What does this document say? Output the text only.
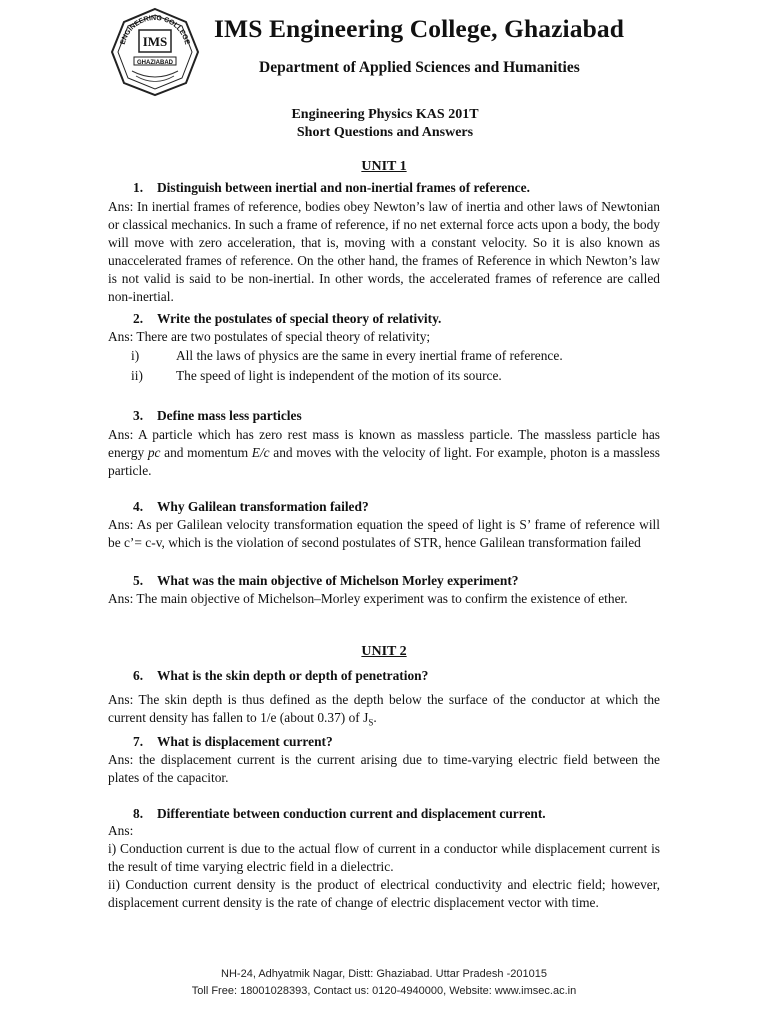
IMS
GHAZIABAD
ENGINEERING COLLEGE IMS Engineering College, Ghaziabad
Department of Applied Sciences and Humanities
Engineering Physics KAS 201T
Short Questions and Answers
UNIT 1
1. Distinguish between inertial and non-inertial frames of reference.
Ans: In inertial frames of reference, bodies obey Newton’s law of inertia and other laws of Newtonian or classical mechanics. In such a frame of reference, if no net external force acts upon a body, the body will move with zero acceleration, that is, moving with a constant velocity. So it is also known as unaccelerated frames of reference. On the other hand, the frames of Reference in which Newton’s law is not valid is said to be non-inertial. In other words, the accelerated frames of reference are called non-inertial.
2. Write the postulates of special theory of relativity.
Ans: There are two postulates of special theory of relativity;
i)	All the laws of physics are the same in every inertial frame of reference.
ii) The speed of light is independent of the motion of its source.
3. Define mass less particles
Ans: A particle which has zero rest mass is known as massless particle. The massless particle has energy pc and momentum E/c and moves with the velocity of light. For example, photon is a massless particle.
4. Why Galilean transformation failed?
Ans: As per Galilean velocity transformation equation the speed of light is S’ frame of reference will be c’= c-v, which is the violation of second postulates of STR, hence Galilean transformation failed
5. What was the main objective of Michelson Morley experiment?
Ans: The main objective of Michelson–Morley experiment was to confirm the existence of ether.
UNIT 2
6. What is the skin depth or depth of penetration?
Ans: The skin depth is thus defined as the depth below the surface of the conductor at which the current density has fallen to 1/e (about 0.37) of $J_S$.
7. What is displacement current?
Ans: the displacement current is the current arising due to time-varying electric field between the plates of the capacitor.
8. Differentiate between conduction current and displacement current.
Ans:
i) Conduction current is due to the actual flow of current in a conductor while displacement current is the result of time varying electric field in a dielectric.
ii) Conduction current density is the product of electrical conductivity and electric field; however, displacement current density is the rate of change of electric displacement vector with time.
NH-24, Adhyatmik Nagar, Distt: Ghaziabad. Uttar Pradesh -201015
Toll Free: 18001028393, Contact us: 0120-4940000, Website: www.imsec.ac.in
